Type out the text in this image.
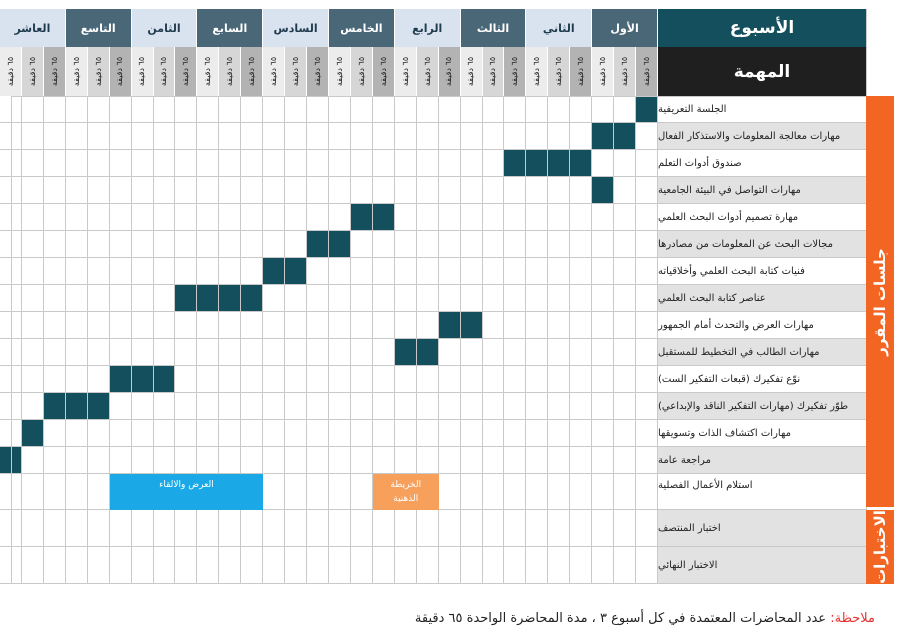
الأسبوع
المهمة
الأول
الثاني
الثالث
الرابع
الخامس
السادس
السابع
الثامن
التاسع
العاشر
٦٥ دقيقة
٦٥ دقيقة
٦٥ دقيقة
٦٥ دقيقة
٦٥ دقيقة
٦٥ دقيقة
٦٥ دقيقة
٦٥ دقيقة
٦٥ دقيقة
٦٥ دقيقة
٦٥ دقيقة
٦٥ دقيقة
٦٥ دقيقة
٦٥ دقيقة
٦٥ دقيقة
٦٥ دقيقة
٦٥ دقيقة
٦٥ دقيقة
٦٥ دقيقة
٦٥ دقيقة
٦٥ دقيقة
٦٥ دقيقة
٦٥ دقيقة
٦٥ دقيقة
٦٥ دقيقة
٦٥ دقيقة
٦٥ دقيقة
٦٥ دقيقة
٦٥ دقيقة
٦٥ دقيقة
الجلسة التعريفية
مهارات معالجة المعلومات والاستذكار الفعال
صندوق أدوات التعلم
مهارات التواصل في البيئة الجامعية
مهارة تصميم أدوات البحث العلمي
مجالات البحث عن المعلومات من مصادرها
فنيات كتابة البحث العلمي وأخلاقياته
عناصر كتابة البحث العلمي
مهارات العرض والتحدث أمام الجمهور
مهارات الطالب في التخطيط للمستقبل
نوّع تفكيرك (قبعات التفكير الست)
طوّر تفكيرك (مهارات التفكير الناقد والإبداعي)
مهارات اكتشاف الذات وتسويقها
مراجعة عامة
استلام الأعمال الفصلية
اختبار المنتصف
الاختبار النهائي
العرض والالقاء	الخريطة الذهنية
جلسات المقرر
الاختبارات
ملاحظة: عدد المحاضرات المعتمدة في كل أسبوع ٣ ، مدة المحاضرة الواحدة ٦٥ دقيقة
